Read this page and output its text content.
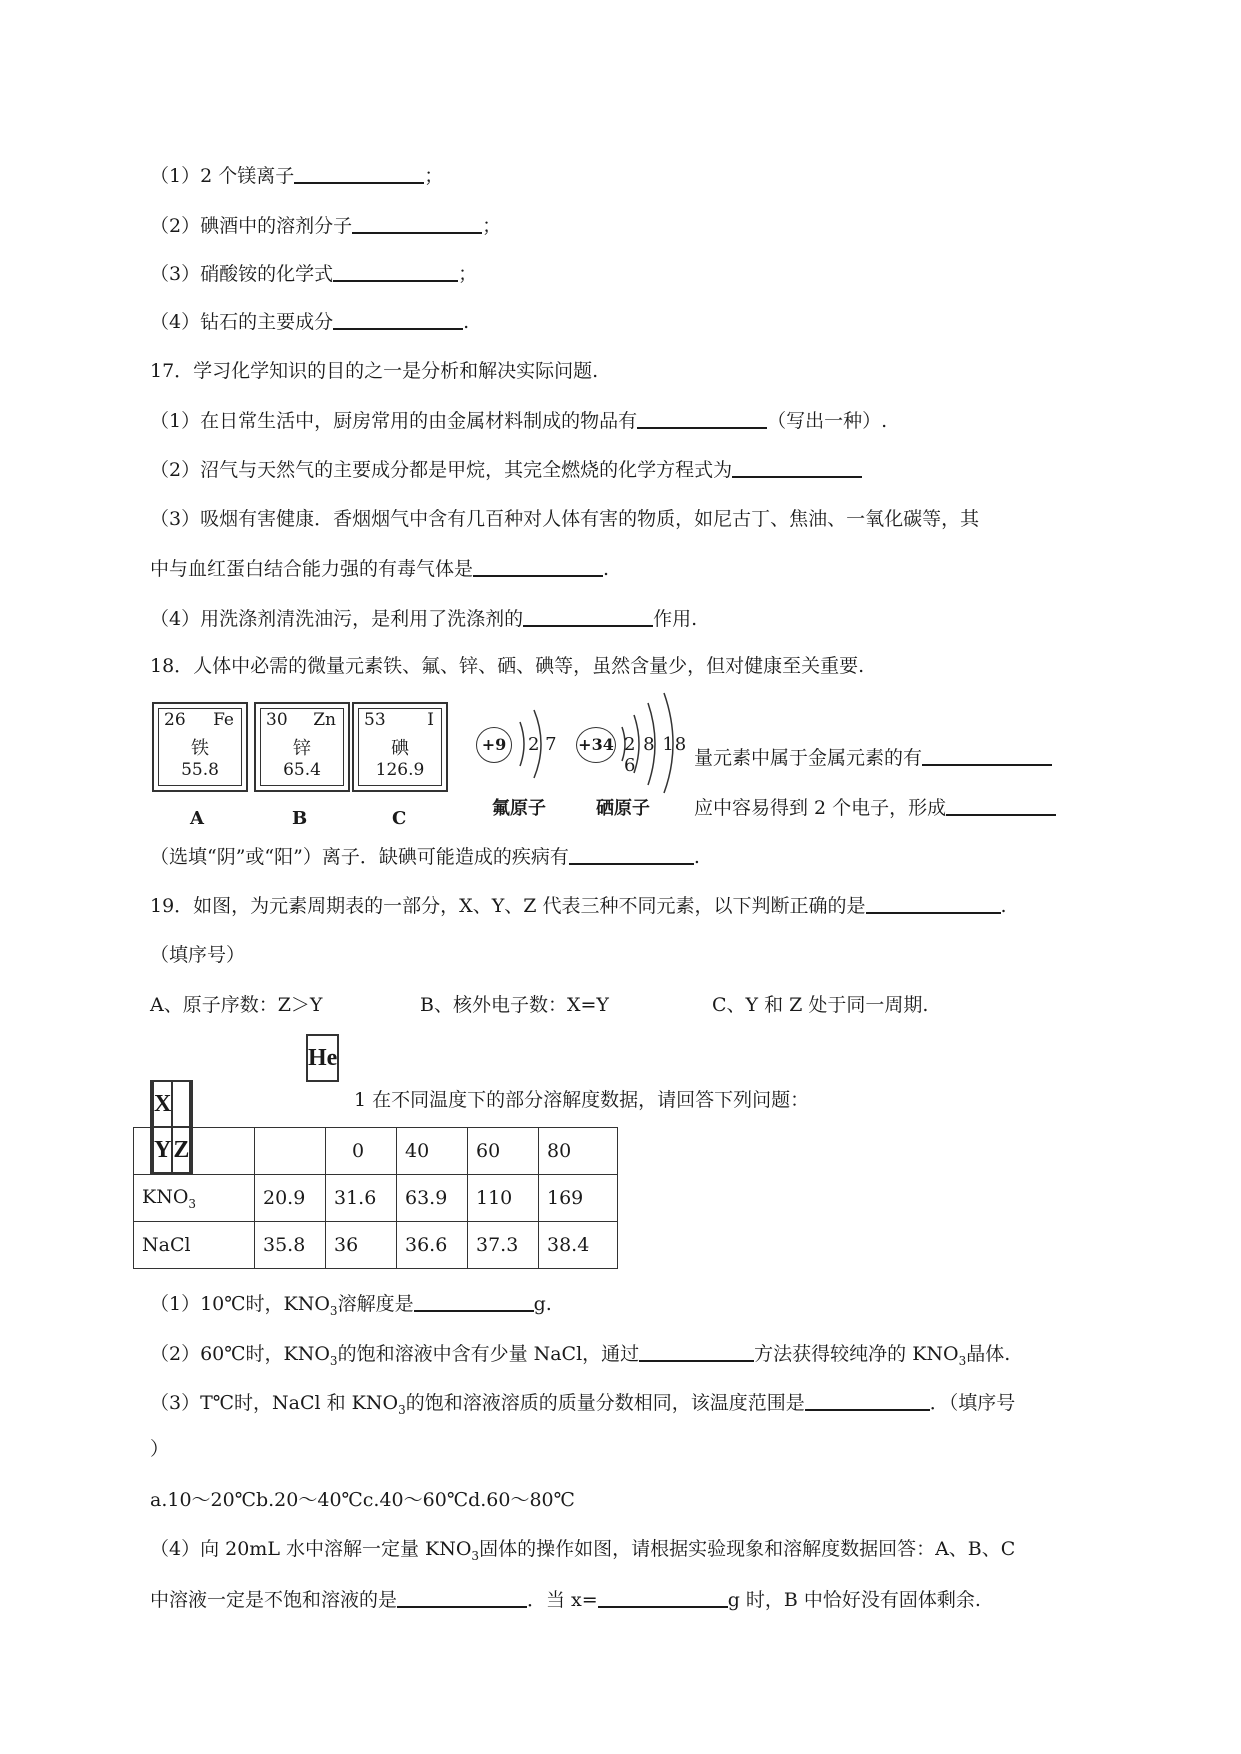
（1）2 个镁离子	；
（2）碘酒中的溶剂分子	；
（3）硝酸铵的化学式	；
（4）钻石的主要成分	.
17．学习化学知识的目的之一是分析和解决实际问题.
（1）在日常生活中，厨房常用的由金属材料制成的物品有	（写出一种）.
（2）沼气与天然气的主要成分都是甲烷，其完全燃烧的化学方程式为
（3）吸烟有害健康．香烟烟气中含有几百种对人体有害的物质，如尼古丁、焦油、一氧化碳等，其
中与血红蛋白结合能力强的有毒气体是	.
（4）用洗涤剂清洗油污，是利用了洗涤剂的	作用.
18．人体中必需的微量元素铁、氟、锌、硒、碘等，虽然含量少，但对健康至关重要.
26 Fe
铁
55.8
30 Zn
锌
65.4
53 I
碘
126.9
A	B	C
+9	2 7
氟原子
+34 2 8 18 6
硒原子
量元素中属于金属元素的有
应中容易得到 2 个电子，形成
（选填“阴”或“阳”）离子．缺碘可能造成的疾病有	.
19．如图，为元素周期表的一部分，X、Y、Z 代表三种不同元素，以下判断正确的是	.
（填序号）
A、原子序数：Z＞Y	B、核外电子数：X=Y	C、Y 和 Z 处于同一周期.
1 在不同温度下的部分溶解度数据，请回答下列问题：
		0	40	60	80
$KNO_3$	20.9	31.6	63.9	110	169
NaCl	35.8	36	36.6	37.3	38.4
He
	X		
	Y	Z	
（1）10℃时，$KNO_3$溶解度是	g.
（2）60℃时，$KNO_3$的饱和溶液中含有少量 NaCl，通过	方法获得较纯净的 $KNO_3$晶体.
（3）T℃时，NaCl 和 $KNO_3$的饱和溶液溶质的质量分数相同，该温度范围是	．（填序号
）
a.10～20℃b.20～40℃c.40～60℃d.60～80℃
（4）向 20mL 水中溶解一定量 $KNO_3$固体的操作如图，请根据实验现象和溶解度数据回答：A、B、C
中溶液一定是不饱和溶液的是	．当 x=	g 时，B 中恰好没有固体剩余.
